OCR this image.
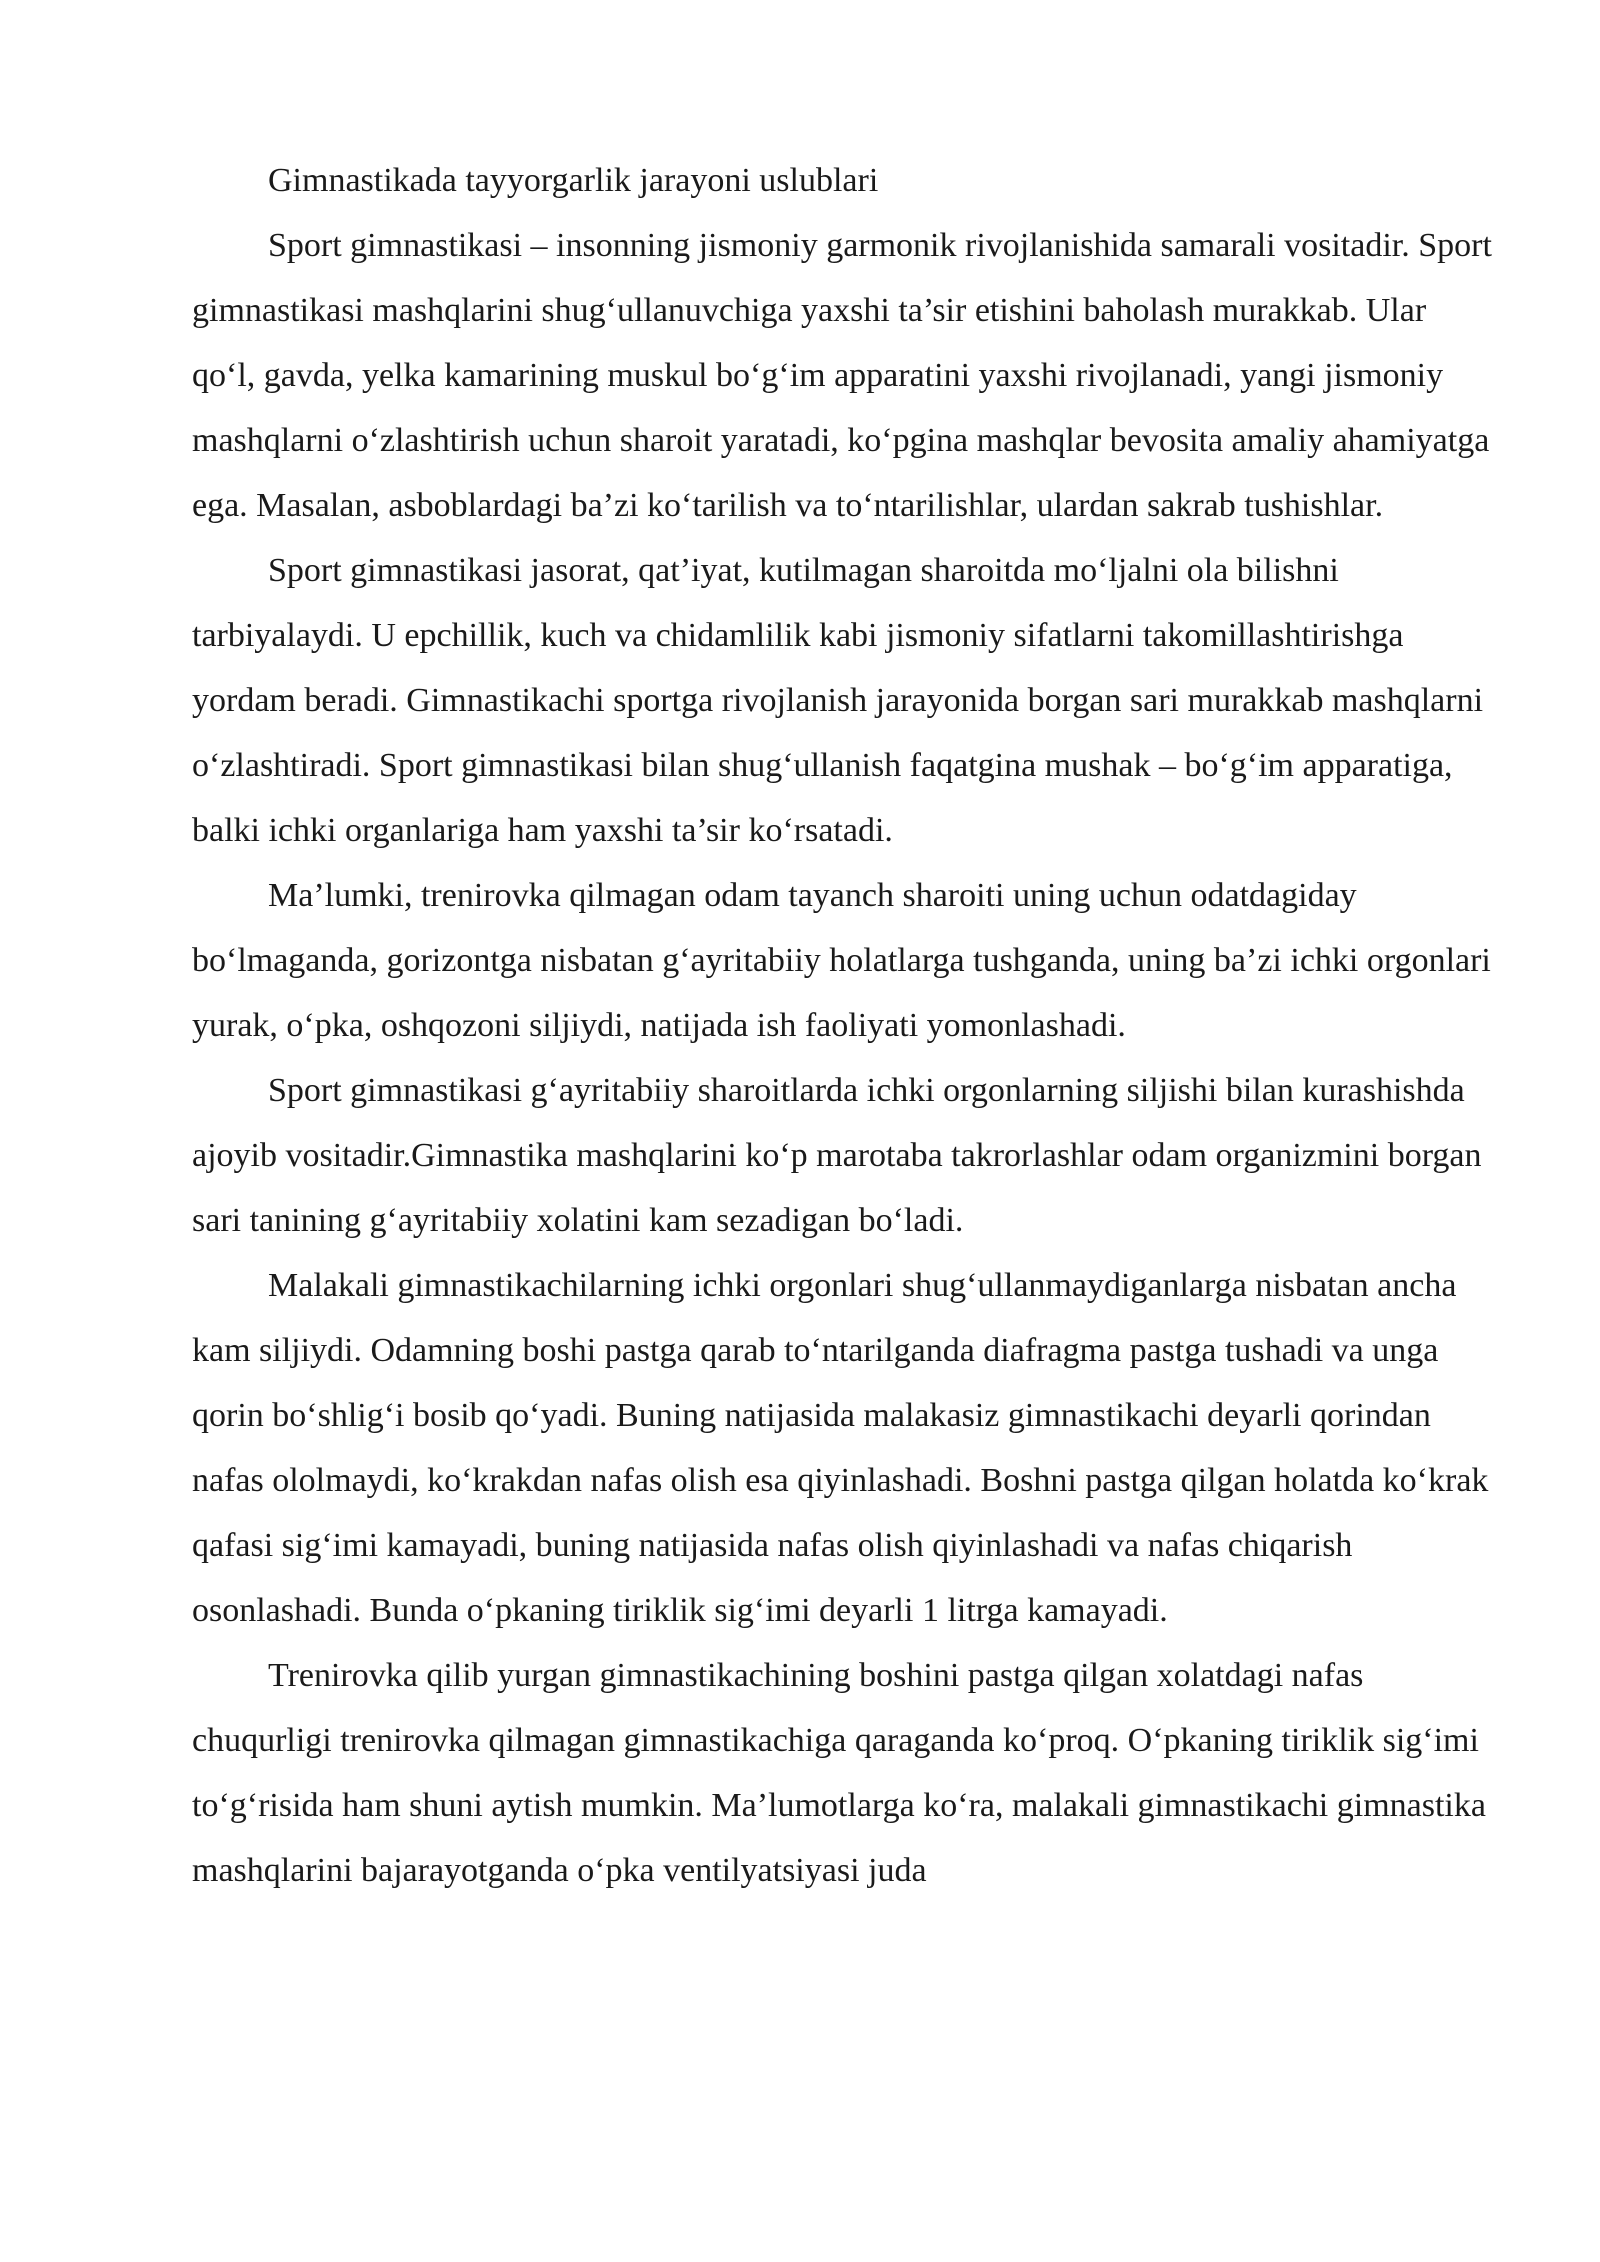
Gimnastikada tayyorgarlik jarayoni uslublari

Sport gimnastikasi – insonning jismoniy garmonik rivojlanishida samarali vositadir. Sport gimnastikasi mashqlarini shug‘ullanuvchiga yaxshi ta’sir etishini baholash murakkab. Ular qo‘l, gavda, yelka kamarining muskul bo‘g‘im apparatini yaxshi rivojlanadi, yangi jismoniy mashqlarni o‘zlashtirish uchun sharoit yaratadi, ko‘pgina mashqlar bevosita amaliy ahamiyatga ega. Masalan, asboblardagi ba’zi ko‘tarilish va to‘ntarilishlar, ulardan sakrab tushishlar.

Sport gimnastikasi jasorat, qat’iyat, kutilmagan sharoitda mo‘ljalni ola bilishni tarbiyalaydi. U epchillik, kuch va chidamlilik kabi jismoniy sifatlarni takomillashtirishga yordam beradi. Gimnastikachi sportga rivojlanish jarayonida borgan sari murakkab mashqlarni o‘zlashtiradi. Sport gimnastikasi bilan shug‘ullanish faqatgina mushak – bo‘g‘im apparatiga, balki ichki organlariga ham yaxshi ta’sir ko‘rsatadi.

Ma’lumki, trenirovka qilmagan odam tayanch sharoiti uning uchun odatdagiday bo‘lmaganda, gorizontga nisbatan g‘ayritabiiy holatlarga tushganda, uning ba’zi ichki orgonlari yurak, o‘pka, oshqozoni siljiydi, natijada ish faoliyati yomonlashadi.

Sport gimnastikasi g‘ayritabiiy sharoitlarda ichki orgonlarning siljishi bilan kurashishda ajoyib vositadir.Gimnastika mashqlarini ko‘p marotaba takrorlashlar odam organizmini borgan sari tanining g‘ayritabiiy xolatini kam sezadigan bo‘ladi.

Malakali gimnastikachilarning ichki orgonlari shug‘ullanmaydiganlarga nisbatan ancha kam siljiydi. Odamning boshi pastga qarab to‘ntarilganda diafragma pastga tushadi va unga qorin bo‘shlig‘i bosib qo‘yadi. Buning natijasida malakasiz gimnastikachi deyarli qorindan nafas ololmaydi, ko‘krakdan nafas olish esa qiyinlashadi. Boshni pastga qilgan holatda ko‘krak qafasi sig‘imi kamayadi, buning natijasida nafas olish qiyinlashadi va nafas chiqarish osonlashadi. Bunda o‘pkaning tiriklik sig‘imi deyarli 1 litrga kamayadi.

Trenirovka qilib yurgan gimnastikachining boshini pastga qilgan xolatdagi nafas chuqurligi trenirovka qilmagan gimnastikachiga qaraganda ko‘proq. O‘pkaning tiriklik sig‘imi to‘g‘risida ham shuni aytish mumkin. Ma’lumotlarga ko‘ra, malakali gimnastikachi gimnastika mashqlarini bajarayotganda o‘pka ventilyatsiyasi juda
